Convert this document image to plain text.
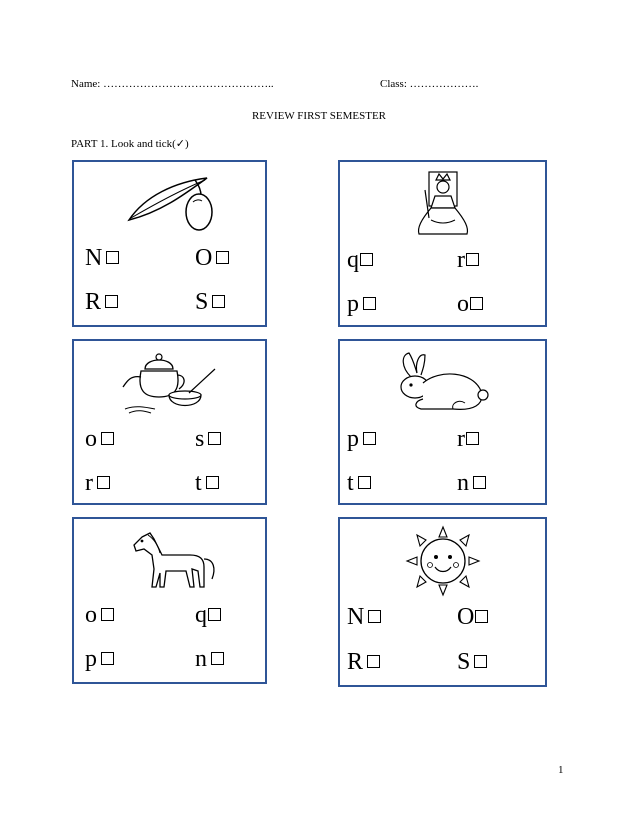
Name: ………………………………………..	Class: ……………….
REVIEW FIRST SEMESTER
PART 1. Look and tick(✓)
N	O
R	S
q	r
p	o
o	s
r	t
p	r
t	n
o	q
p	n
N	O
R	S
1
